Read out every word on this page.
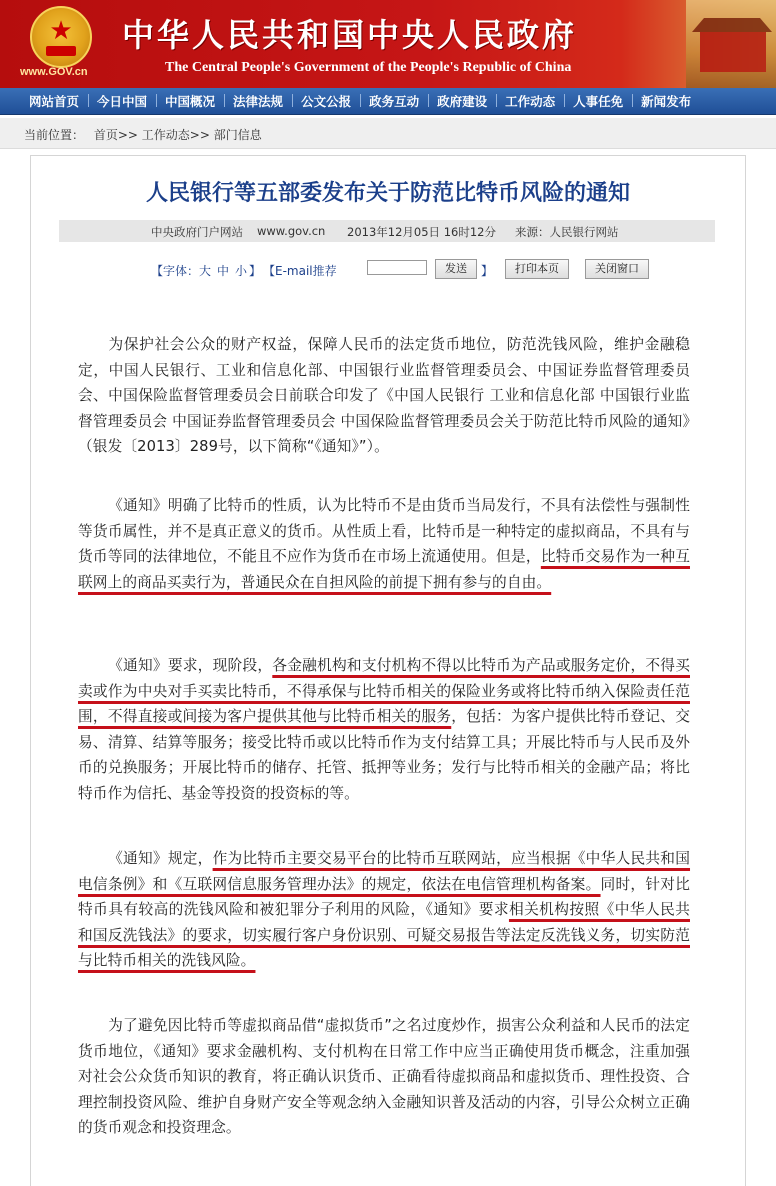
★
www.GOV.cn
中华人民共和国中央人民政府
The Central People's Government of the People's Republic of China
网站首页	今日中国	中国概况	法律法规	公文公报	政务互动	政府建设	工作动态	人事任免	新闻发布
当前位置： 首页>> 工作动态>> 部门信息
人民银行等五部委发布关于防范比特币风险的通知
中央政府门户网站 www.gov.cn 2013年12月05日 16时12分 来源：人民银行网站
【字体： 大 中 小 】 【E-mail推荐	发送	】	打印本页	关闭窗口

为保护社会公众的财产权益，保障人民币的法定货币地位，防范洗钱风险，维护金融稳定，中国人民银行、工业和信息化部、中国银行业监督管理委员会、中国证券监督管理委员会、中国保险监督管理委员会日前联合印发了《中国人民银行 工业和信息化部 中国银行业监督管理委员会 中国证券监督管理委员会 中国保险监督管理委员会关于防范比特币风险的通知》（银发〔2013〕289号，以下简称“《通知》”）。

《通知》明确了比特币的性质，认为比特币不是由货币当局发行，不具有法偿性与强制性等货币属性，并不是真正意义的货币。从性质上看，比特币是一种特定的虚拟商品，不具有与货币等同的法律地位，不能且不应作为货币在市场上流通使用。但是，比特币交易作为一种互联网上的商品买卖行为，普通民众在自担风险的前提下拥有参与的自由。

《通知》要求，现阶段，各金融机构和支付机构不得以比特币为产品或服务定价，不得买卖或作为中央对手买卖比特币，不得承保与比特币相关的保险业务或将比特币纳入保险责任范围，不得直接或间接为客户提供其他与比特币相关的服务，包括：为客户提供比特币登记、交易、清算、结算等服务；接受比特币或以比特币作为支付结算工具；开展比特币与人民币及外币的兑换服务；开展比特币的储存、托管、抵押等业务；发行与比特币相关的金融产品；将比特币作为信托、基金等投资的投资标的等。

《通知》规定，作为比特币主要交易平台的比特币互联网站，应当根据《中华人民共和国电信条例》和《互联网信息服务管理办法》的规定，依法在电信管理机构备案。同时，针对比特币具有较高的洗钱风险和被犯罪分子利用的风险，《通知》要求相关机构按照《中华人民共和国反洗钱法》的要求，切实履行客户身份识别、可疑交易报告等法定反洗钱义务，切实防范与比特币相关的洗钱风险。

为了避免因比特币等虚拟商品借“虚拟货币”之名过度炒作，损害公众利益和人民币的法定货币地位，《通知》要求金融机构、支付机构在日常工作中应当正确使用货币概念，注重加强对社会公众货币知识的教育，将正确认识货币、正确看待虚拟商品和虚拟货币、理性投资、合理控制投资风险、维护自身财产安全等观念纳入金融知识普及活动的内容，引导公众树立正确的货币观念和投资理念。
